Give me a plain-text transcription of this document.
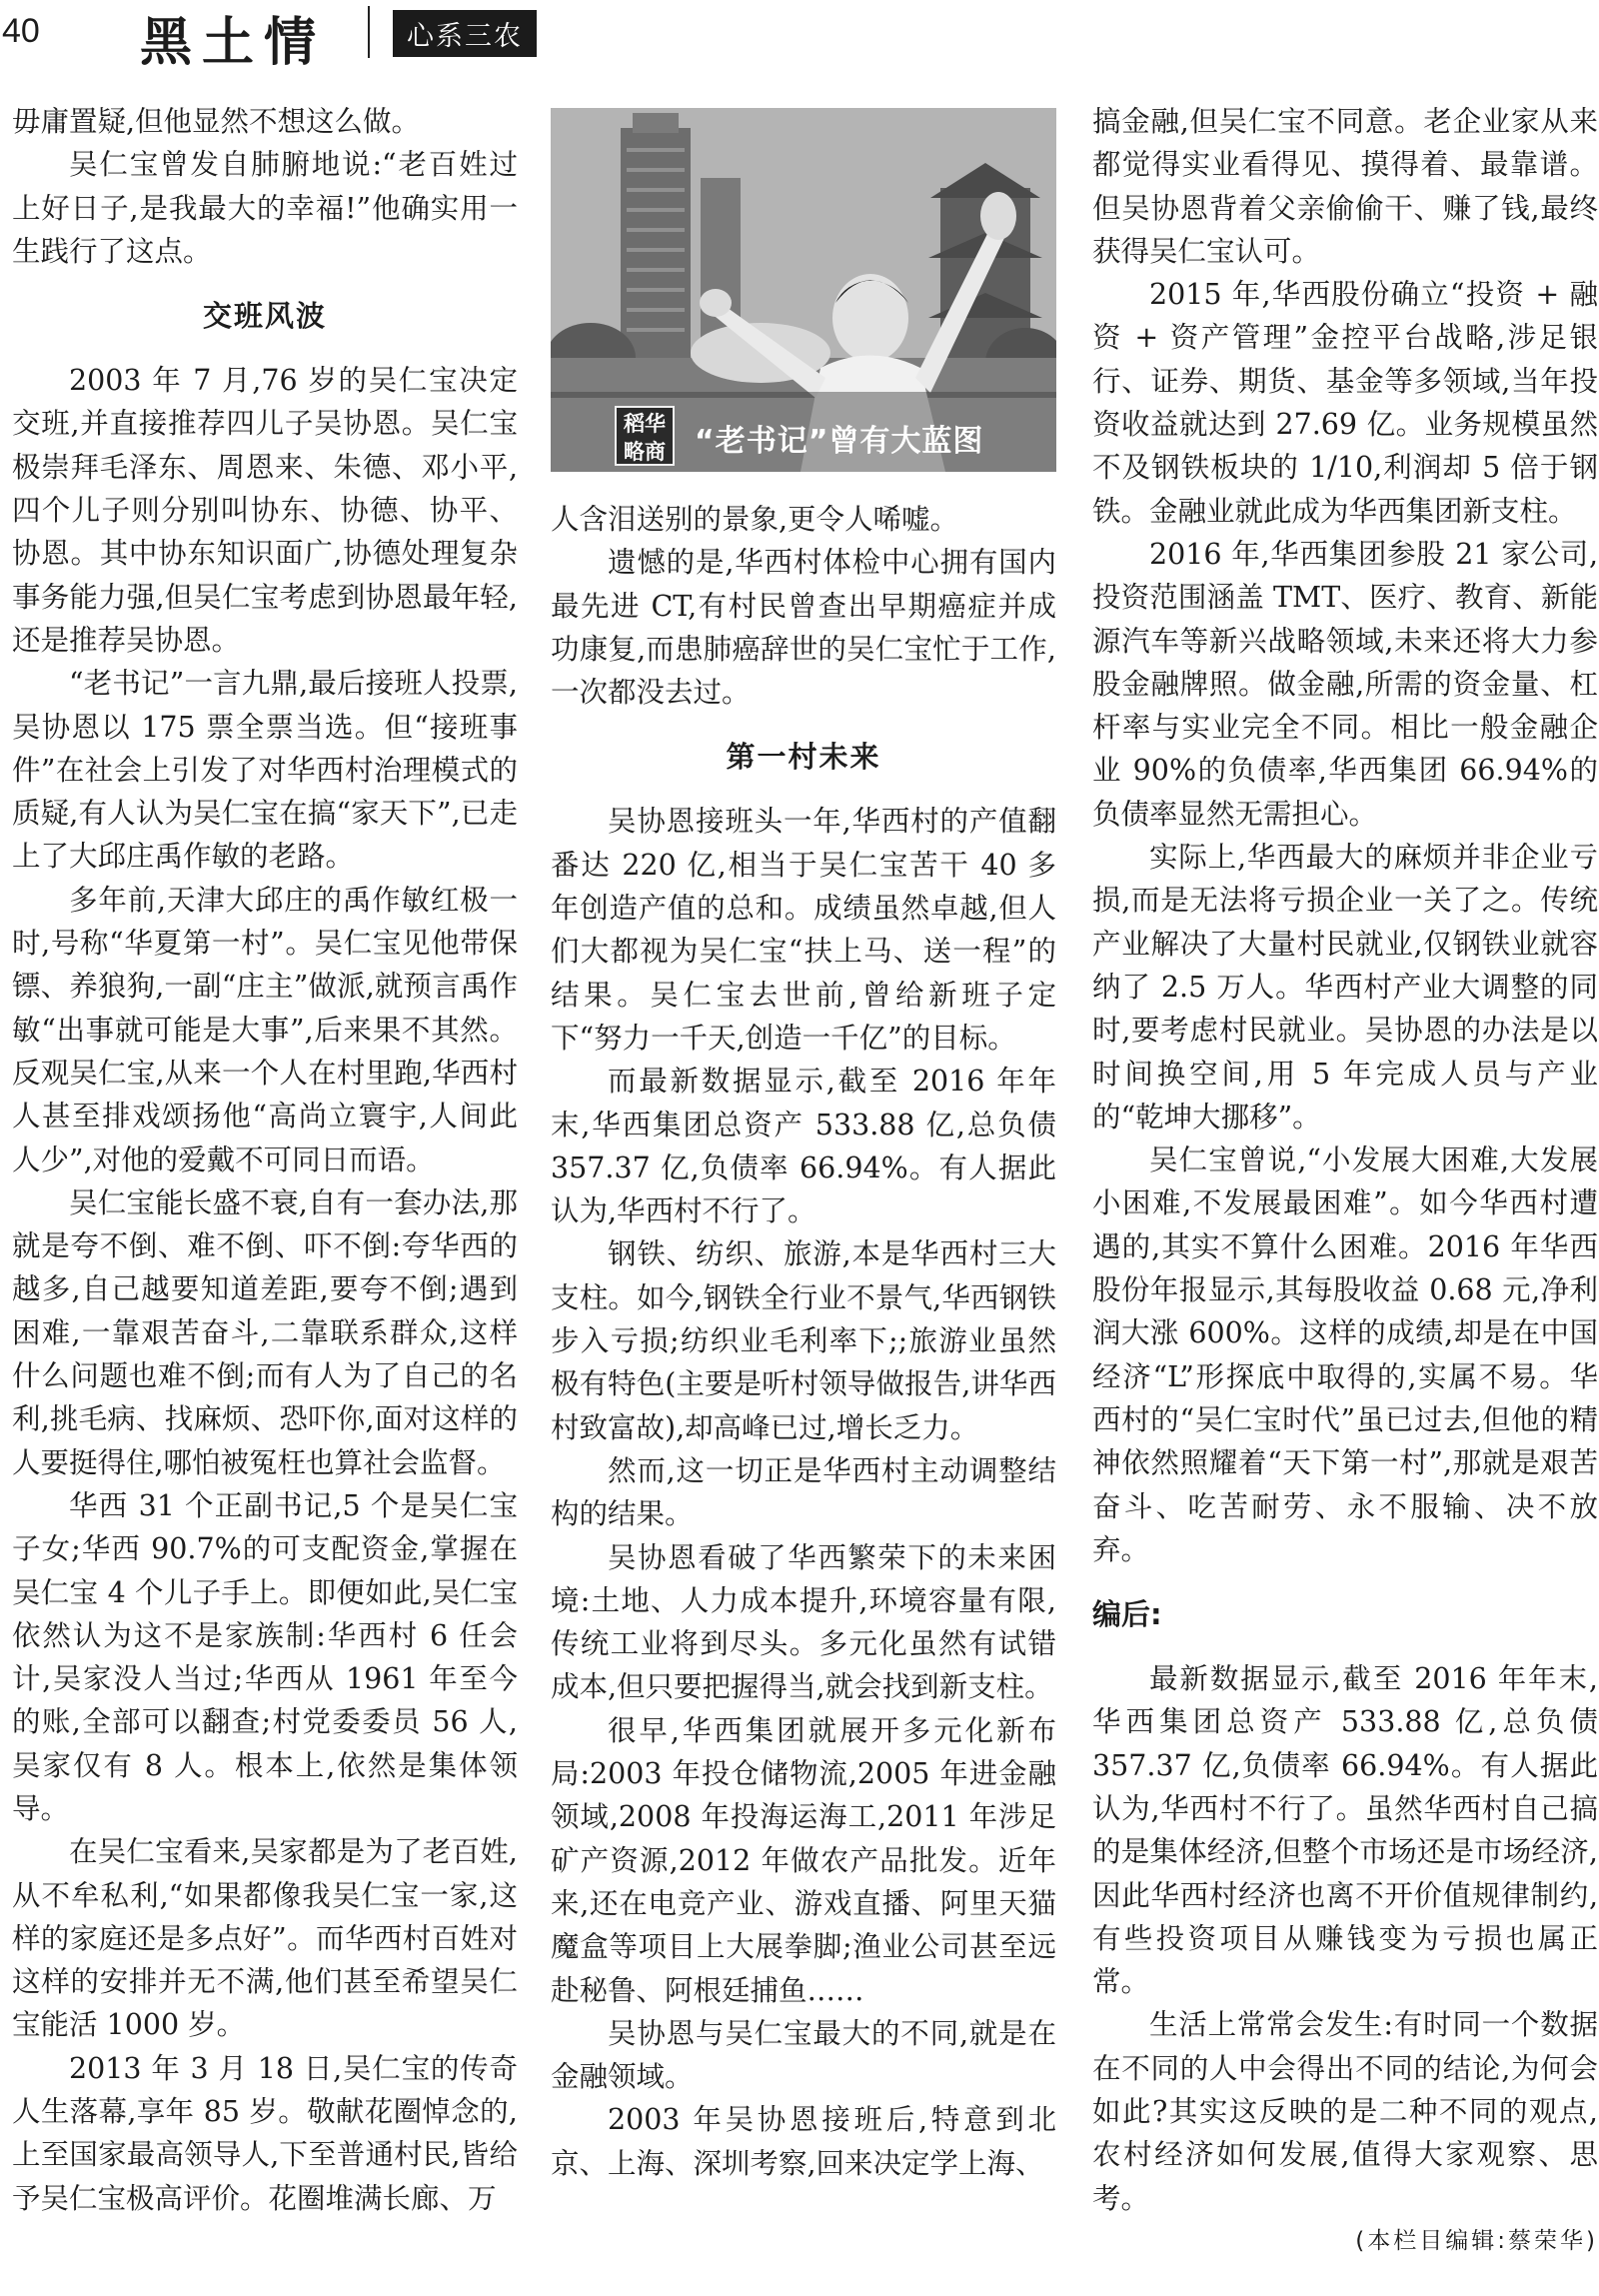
40 黑土情	心系三农

毋庸置疑,但他显然不想这么做。

吴仁宝曾发自肺腑地说:“老百姓过上好日子,是我最大的幸福!”他确实用一生践行了这点。

交班风波

2003 年 7 月,76 岁的吴仁宝决定交班,并直接推荐四儿子吴协恩。吴仁宝极崇拜毛泽东、周恩来、朱德、邓小平,四个儿子则分别叫协东、协德、协平、协恩。其中协东知识面广,协德处理复杂事务能力强,但吴仁宝考虑到协恩最年轻,还是推荐吴协恩。

“老书记”一言九鼎,最后接班人投票,吴协恩以 175 票全票当选。但“接班事件”在社会上引发了对华西村治理模式的质疑,有人认为吴仁宝在搞“家天下”,已走上了大邱庄禹作敏的老路。

多年前,天津大邱庄的禹作敏红极一时,号称“华夏第一村”。吴仁宝见他带保镖、养狼狗,一副“庄主”做派,就预言禹作敏“出事就可能是大事”,后来果不其然。反观吴仁宝,从来一个人在村里跑,华西村人甚至排戏颂扬他“高尚立寰宇,人间此人少”,对他的爱戴不可同日而语。

吴仁宝能长盛不衰,自有一套办法,那就是夸不倒、难不倒、吓不倒:夸华西的越多,自己越要知道差距,要夸不倒;遇到困难,一靠艰苦奋斗,二靠联系群众,这样什么问题也难不倒;而有人为了自己的名利,挑毛病、找麻烦、恐吓你,面对这样的人要挺得住,哪怕被冤枉也算社会监督。

华西 31 个正副书记,5 个是吴仁宝子女;华西 90.7%的可支配资金,掌握在吴仁宝 4 个儿子手上。即便如此,吴仁宝依然认为这不是家族制:华西村 6 任会计,吴家没人当过;华西从 1961 年至今的账,全部可以翻查;村党委委员 56 人,吴家仅有 8 人。根本上,依然是集体领导。

在吴仁宝看来,吴家都是为了老百姓,从不牟私利,“如果都像我吴仁宝一家,这样的家庭还是多点好”。而华西村百姓对这样的安排并无不满,他们甚至希望吴仁宝能活 1000 岁。

2013 年 3 月 18 日,吴仁宝的传奇人生落幕,享年 85 岁。敬献花圈悼念的,上至国家最高领导人,下至普通村民,皆给予吴仁宝极高评价。花圈堆满长廊、万

稻华
略商 “老书记”曾有大蓝图

人含泪送别的景象,更令人唏嘘。

遗憾的是,华西村体检中心拥有国内最先进 CT,有村民曾查出早期癌症并成功康复,而患肺癌辞世的吴仁宝忙于工作,一次都没去过。

第一村未来

吴协恩接班头一年,华西村的产值翻番达 220 亿,相当于吴仁宝苦干 40 多年创造产值的总和。成绩虽然卓越,但人们大都视为吴仁宝“扶上马、送一程”的结果。吴仁宝去世前,曾给新班子定下“努力一千天,创造一千亿”的目标。

而最新数据显示,截至 2016 年年末,华西集团总资产 533.88 亿,总负债 357.37 亿,负债率 66.94%。有人据此认为,华西村不行了。

钢铁、纺织、旅游,本是华西村三大支柱。如今,钢铁全行业不景气,华西钢铁步入亏损;纺织业毛利率下;;旅游业虽然极有特色(主要是听村领导做报告,讲华西村致富故),却高峰已过,增长乏力。

然而,这一切正是华西村主动调整结构的结果。

吴协恩看破了华西繁荣下的未来困境:土地、人力成本提升,环境容量有限,传统工业将到尽头。多元化虽然有试错成本,但只要把握得当,就会找到新支柱。

很早,华西集团就展开多元化新布局:2003 年投仓储物流,2005 年进金融领域,2008 年投海运海工,2011 年涉足矿产资源,2012 年做农产品批发。近年来,还在电竞产业、游戏直播、阿里天猫魔盒等项目上大展拳脚;渔业公司甚至远赴秘鲁、阿根廷捕鱼……

吴协恩与吴仁宝最大的不同,就是在金融领域。

2003 年吴协恩接班后,特意到北京、上海、深圳考察,回来决定学上海、

搞金融,但吴仁宝不同意。老企业家从来都觉得实业看得见、摸得着、最靠谱。但吴协恩背着父亲偷偷干、赚了钱,最终获得吴仁宝认可。

2015 年,华西股份确立“投资 + 融资 + 资产管理”金控平台战略,涉足银行、证券、期货、基金等多领域,当年投资收益就达到 27.69 亿。业务规模虽然不及钢铁板块的 1/10,利润却 5 倍于钢铁。金融业就此成为华西集团新支柱。

2016 年,华西集团参股 21 家公司,投资范围涵盖 TMT、医疗、教育、新能源汽车等新兴战略领域,未来还将大力参股金融牌照。做金融,所需的资金量、杠杆率与实业完全不同。相比一般金融企业 90%的负债率,华西集团 66.94%的负债率显然无需担心。

实际上,华西最大的麻烦并非企业亏损,而是无法将亏损企业一关了之。传统产业解决了大量村民就业,仅钢铁业就容纳了 2.5 万人。华西村产业大调整的同时,要考虑村民就业。吴协恩的办法是以时间换空间,用 5 年完成人员与产业的“乾坤大挪移”。

吴仁宝曾说,“小发展大困难,大发展小困难,不发展最困难”。如今华西村遭遇的,其实不算什么困难。2016 年华西股份年报显示,其每股收益 0.68 元,净利润大涨 600%。这样的成绩,却是在中国经济“L”形探底中取得的,实属不易。华西村的“吴仁宝时代”虽已过去,但他的精神依然照耀着“天下第一村”,那就是艰苦奋斗、吃苦耐劳、永不服输、决不放弃。

编后:

最新数据显示,截至 2016 年年末,华西集团总资产 533.88 亿,总负债 357.37 亿,负债率 66.94%。有人据此认为,华西村不行了。虽然华西村自己搞的是集体经济,但整个市场还是市场经济,因此华西村经济也离不开价值规律制约,有些投资项目从赚钱变为亏损也属正常。

生活上常常会发生:有时同一个数据在不同的人中会得出不同的结论,为何会如此?其实这反映的是二种不同的观点,农村经济如何发展,值得大家观察、思考。

(本栏目编辑:蔡荣华)
